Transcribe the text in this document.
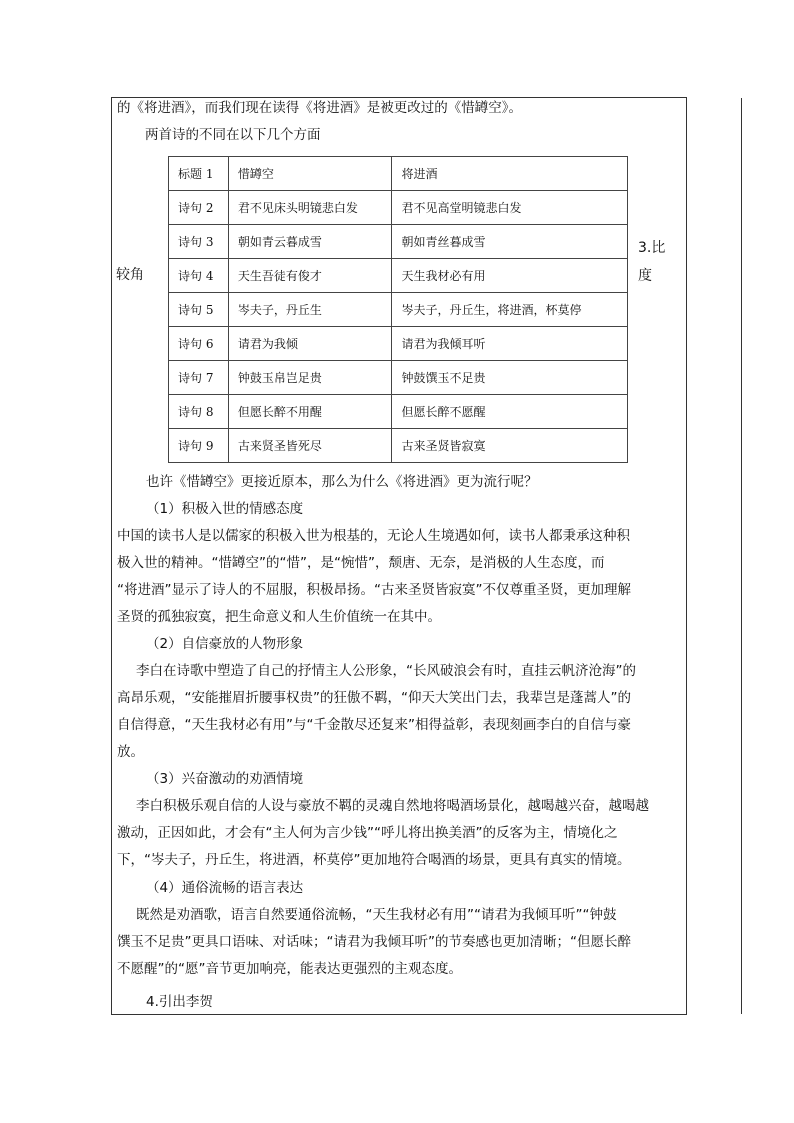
的《将进酒》，而我们现在读得《将进酒》是被更改过的《惜罇空》。
两首诗的不同在以下几个方面
较角
3.比度
标题 1	惜罇空	将进酒
诗句 2	君不见床头明镜悲白发	君不见高堂明镜悲白发
诗句 3	朝如青云暮成雪	朝如青丝暮成雪
诗句 4	天生吾徒有俊才	天生我材必有用
诗句 5	岑夫子，丹丘生	岑夫子，丹丘生，将进酒，杯莫停
诗句 6	请君为我倾	请君为我倾耳听
诗句 7	钟鼓玉帛岂足贵	钟鼓馔玉不足贵
诗句 8	但愿长醉不用醒	但愿长醉不愿醒
诗句 9	古来贤圣皆死尽	古来圣贤皆寂寞
也许《惜罇空》更接近原本，那么为什么《将进酒》更为流行呢？
（1）积极入世的情感态度
中国的读书人是以儒家的积极入世为根基的，无论人生境遇如何，读书人都秉承这种积
极入世的精神。“惜罇空”的“惜”，是“惋惜”，颓唐、无奈，是消极的人生态度，而
“将进酒”显示了诗人的不屈服，积极昂扬。“古来圣贤皆寂寞”不仅尊重圣贤，更加理解
圣贤的孤独寂寞，把生命意义和人生价值统一在其中。
（2）自信豪放的人物形象
李白在诗歌中塑造了自己的抒情主人公形象，“长风破浪会有时，直挂云帆济沧海”的
高昂乐观，“安能摧眉折腰事权贵”的狂傲不羁，“仰天大笑出门去，我辈岂是蓬蒿人”的
自信得意，“天生我材必有用”与“千金散尽还复来”相得益彰，表现刻画李白的自信与豪
放。
（3）兴奋激动的劝酒情境
李白积极乐观自信的人设与豪放不羁的灵魂自然地将喝酒场景化，越喝越兴奋，越喝越
激动，正因如此，才会有“主人何为言少钱”“呼儿将出换美酒”的反客为主，情境化之
下，“岑夫子，丹丘生，将进酒，杯莫停”更加地符合喝酒的场景，更具有真实的情境。
（4）通俗流畅的语言表达
既然是劝酒歌，语言自然要通俗流畅，“天生我材必有用”“请君为我倾耳听”“钟鼓
馔玉不足贵”更具口语味、对话味；“请君为我倾耳听”的节奏感也更加清晰；“但愿长醉
不愿醒”的“愿”音节更加响亮，能表达更强烈的主观态度。
4.引出李贺
